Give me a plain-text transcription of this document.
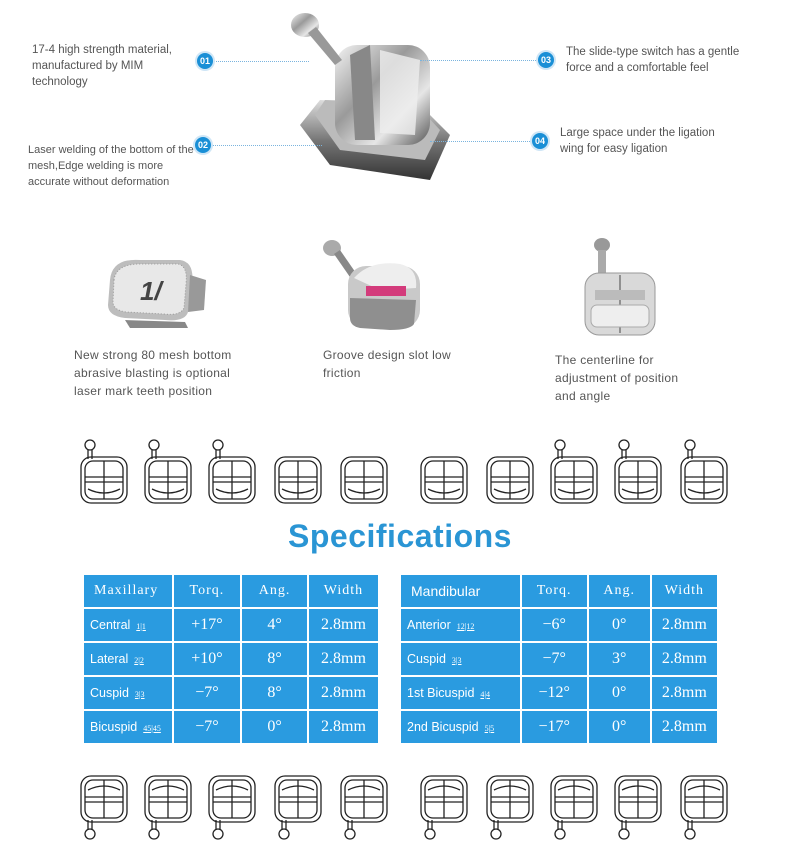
17-4 high strength material, manufactured by MIM technology
01
Laser welding of the bottom of the mesh,Edge welding is more accurate without deformation
02
03
The slide-type switch has a gentle force and a comfortable feel
04
Large space under the ligation wing for easy ligation
1/
New strong 80 mesh bottom abrasive blasting is optional laser mark teeth position
Groove design slot low friction
The centerline for adjustment of position and angle
Specifications
Maxillary	Torq.	Ang.	Width
Central 1|1	+17°	4°	2.8mm
Lateral 2|2	+10°	8°	2.8mm
Cuspid 3|3	−7°	8°	2.8mm
Bicuspid 45|45	−7°	0°	2.8mm
Mandibular	Torq.	Ang.	Width
Anterior 12|12	−6°	0°	2.8mm
Cuspid 3|3	−7°	3°	2.8mm
1st Bicuspid 4|4	−12°	0°	2.8mm
2nd Bicuspid 5|5	−17°	0°	2.8mm
